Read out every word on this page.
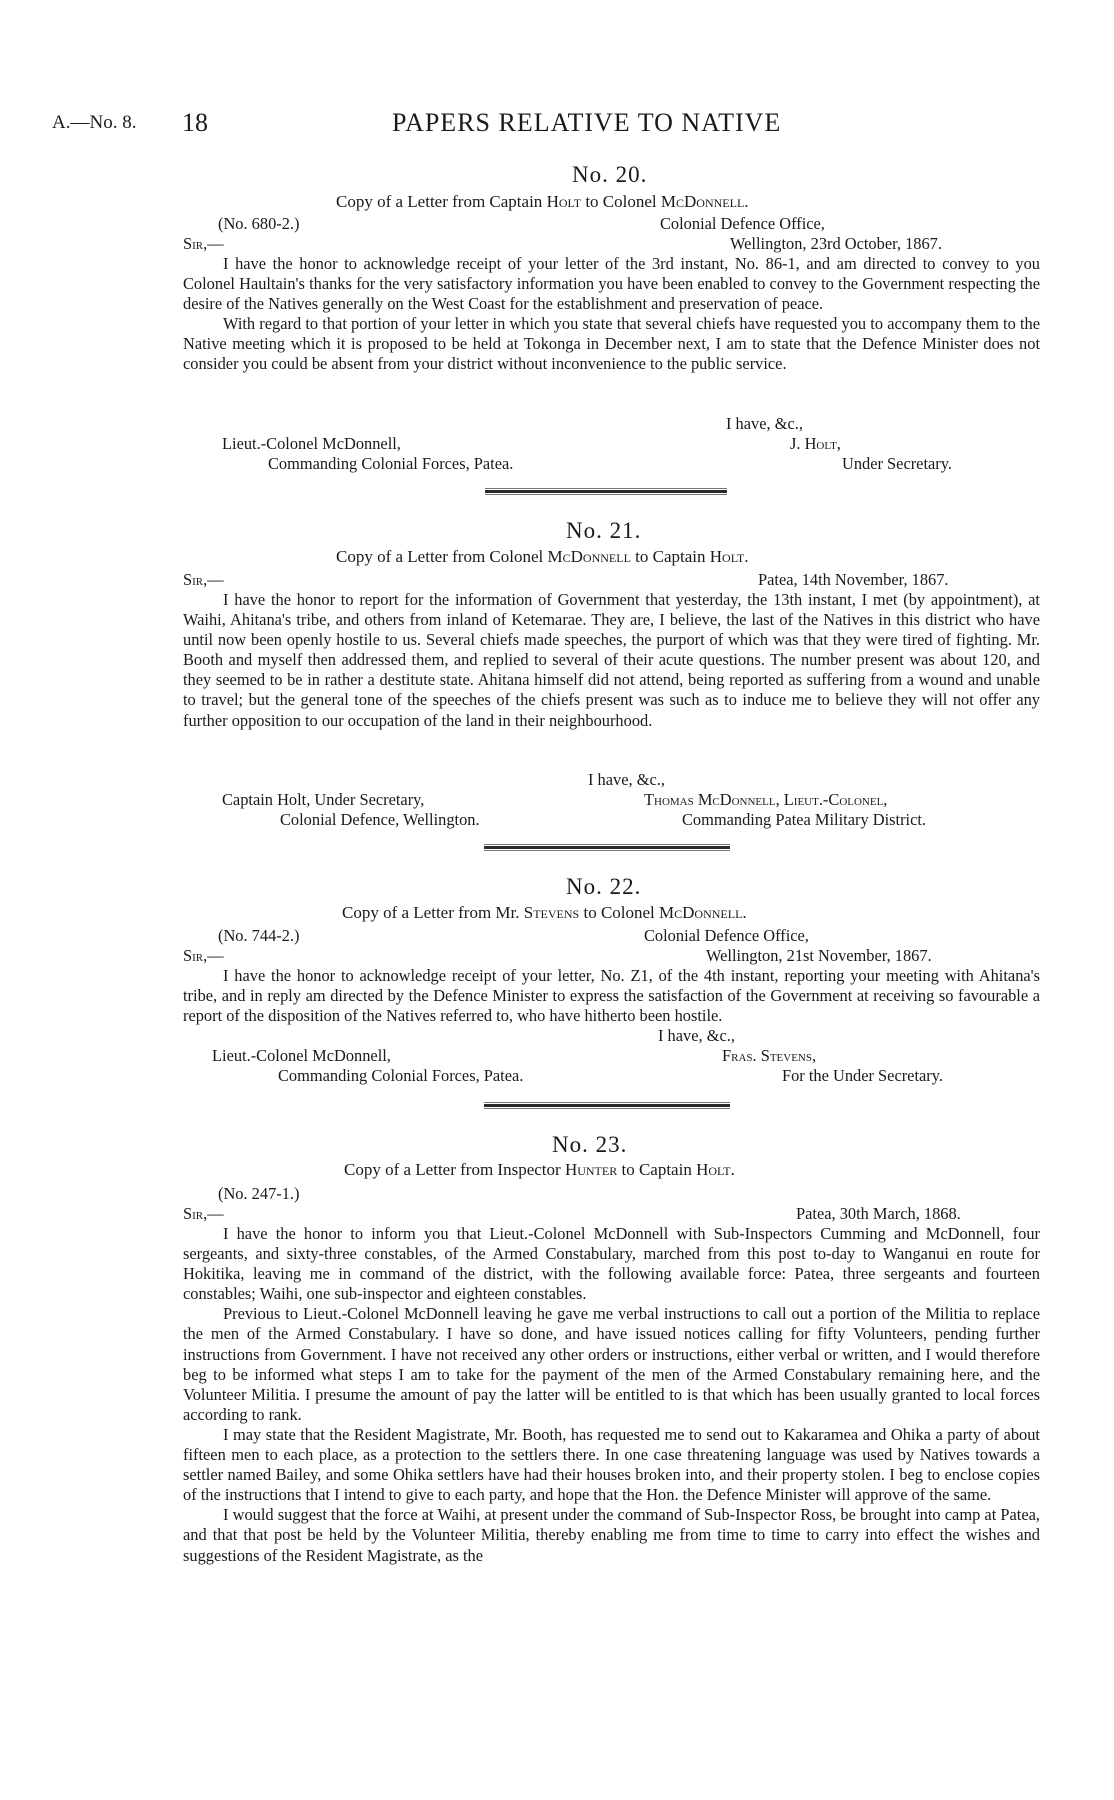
A.—No. 8. 18	PAPERS RELATIVE TO NATIVE
No. 20.
Copy of a Letter from Captain Holt to Colonel McDonnell.
(No. 680-2.)	Colonial Defence Office,
Sir,—	Wellington, 23rd October, 1867.

I have the honor to acknowledge receipt of your letter of the 3rd instant, No. 86-1, and am directed to convey to you Colonel Haultain's thanks for the very satisfactory information you have been enabled to convey to the Government respecting the desire of the Natives generally on the West Coast for the establishment and preservation of peace.

With regard to that portion of your letter in which you state that several chiefs have requested you to accompany them to the Native meeting which it is proposed to be held at Tokonga in December next, I am to state that the Defence Minister does not consider you could be absent from your district without inconvenience to the public service.

I have, &c.,
Lieut.-Colonel McDonnell,	J. Holt,
Commanding Colonial Forces, Patea.	Under Secretary.
No. 21.
Copy of a Letter from Colonel McDonnell to Captain Holt.
Sir,—	Patea, 14th November, 1867.

I have the honor to report for the information of Government that yesterday, the 13th instant, I met (by appointment), at Waihi, Ahitana's tribe, and others from inland of Ketemarae. They are, I believe, the last of the Natives in this district who have until now been openly hostile to us. Several chiefs made speeches, the purport of which was that they were tired of fighting. Mr. Booth and myself then addressed them, and replied to several of their acute questions. The number present was about 120, and they seemed to be in rather a destitute state. Ahitana himself did not attend, being reported as suffering from a wound and unable to travel; but the general tone of the speeches of the chiefs present was such as to induce me to believe they will not offer any further opposition to our occupation of the land in their neighbourhood.

I have, &c.,
Captain Holt, Under Secretary,	Thomas McDonnell, Lieut.-Colonel,
Colonial Defence, Wellington.	Commanding Patea Military District.
No. 22.
Copy of a Letter from Mr. Stevens to Colonel McDonnell.
(No. 744-2.)	Colonial Defence Office,
Sir,—	Wellington, 21st November, 1867.

I have the honor to acknowledge receipt of your letter, No. Z1, of the 4th instant, reporting your meeting with Ahitana's tribe, and in reply am directed by the Defence Minister to express the satisfaction of the Government at receiving so favourable a report of the disposition of the Natives referred to, who have hitherto been hostile.

I have, &c.,
Lieut.-Colonel McDonnell,	Fras. Stevens,
Commanding Colonial Forces, Patea.	For the Under Secretary.
No. 23.
Copy of a Letter from Inspector Hunter to Captain Holt.
(No. 247-1.)
Sir,—	Patea, 30th March, 1868.

I have the honor to inform you that Lieut.-Colonel McDonnell with Sub-Inspectors Cumming and McDonnell, four sergeants, and sixty-three constables, of the Armed Constabulary, marched from this post to-day to Wanganui en route for Hokitika, leaving me in command of the district, with the following available force: Patea, three sergeants and fourteen constables; Waihi, one sub-inspector and eighteen constables.

Previous to Lieut.-Colonel McDonnell leaving he gave me verbal instructions to call out a portion of the Militia to replace the men of the Armed Constabulary. I have so done, and have issued notices calling for fifty Volunteers, pending further instructions from Government. I have not received any other orders or instructions, either verbal or written, and I would therefore beg to be informed what steps I am to take for the payment of the men of the Armed Constabulary remaining here, and the Volunteer Militia. I presume the amount of pay the latter will be entitled to is that which has been usually granted to local forces according to rank.

I may state that the Resident Magistrate, Mr. Booth, has requested me to send out to Kakaramea and Ohika a party of about fifteen men to each place, as a protection to the settlers there. In one case threatening language was used by Natives towards a settler named Bailey, and some Ohika settlers have had their houses broken into, and their property stolen. I beg to enclose copies of the instructions that I intend to give to each party, and hope that the Hon. the Defence Minister will approve of the same.

I would suggest that the force at Waihi, at present under the command of Sub-Inspector Ross, be brought into camp at Patea, and that that post be held by the Volunteer Militia, thereby enabling me from time to time to carry into effect the wishes and suggestions of the Resident Magistrate, as the
